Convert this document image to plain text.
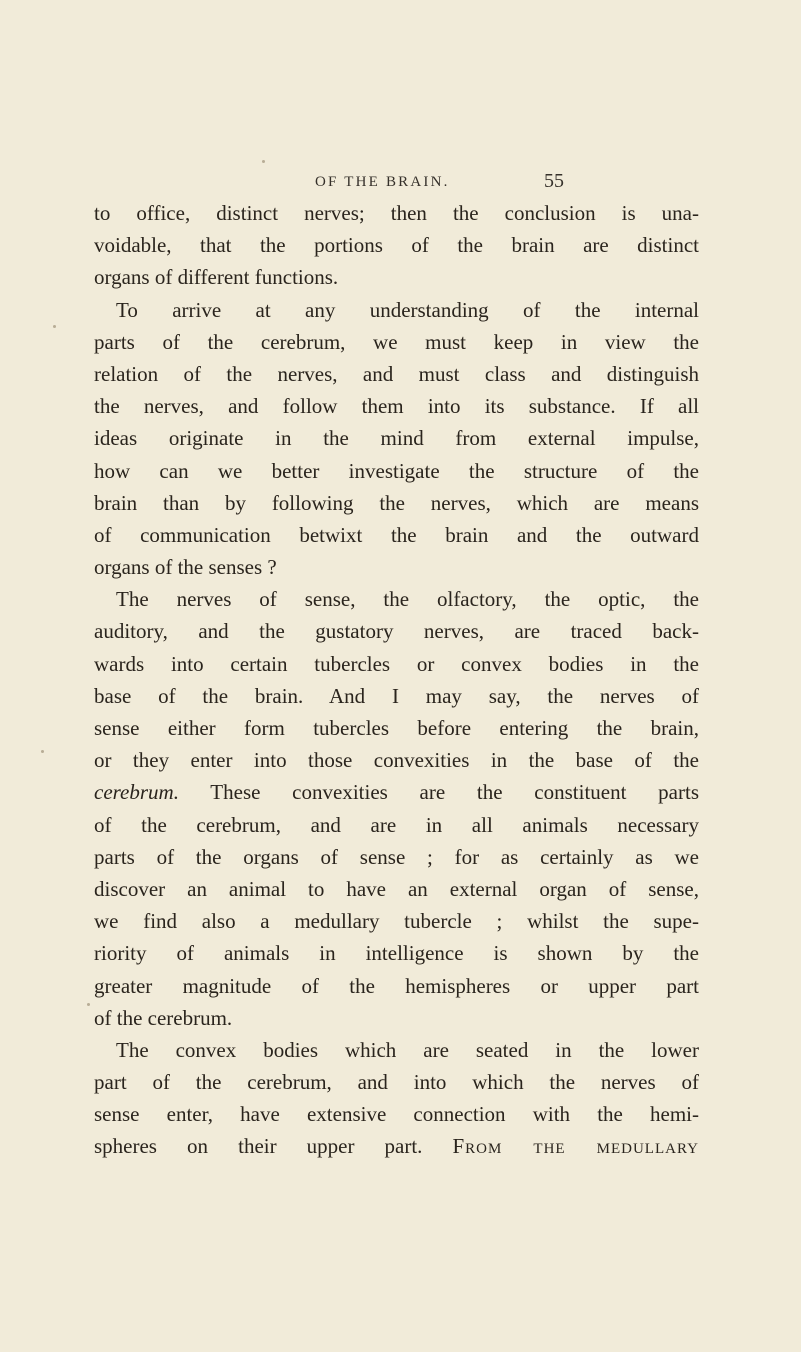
OF THE BRAIN.	55
to office, distinct nerves; then the conclusion is una-
voidable, that the portions of the brain are distinct
organs of different functions.
To arrive at any understanding of the internal
parts of the cerebrum, we must keep in view the
relation of the nerves, and must class and distinguish
the nerves, and follow them into its substance. If all
ideas originate in the mind from external impulse,
how can we better investigate the structure of the
brain than by following the nerves, which are means
of communication betwixt the brain and the outward
organs of the senses ?
The nerves of sense, the olfactory, the optic, the
auditory, and the gustatory nerves, are traced back-
wards into certain tubercles or convex bodies in the
base of the brain. And I may say, the nerves of
sense either form tubercles before entering the brain,
or they enter into those convexities in the base of the
cerebrum. These convexities are the constituent parts
of the cerebrum, and are in all animals necessary
parts of the organs of sense ; for as certainly as we
discover an animal to have an external organ of sense,
we find also a medullary tubercle ; whilst the supe-
riority of animals in intelligence is shown by the
greater magnitude of the hemispheres or upper part
of the cerebrum.
The convex bodies which are seated in the lower
part of the cerebrum, and into which the nerves of
sense enter, have extensive connection with the hemi-
spheres on their upper part. From the medullary
